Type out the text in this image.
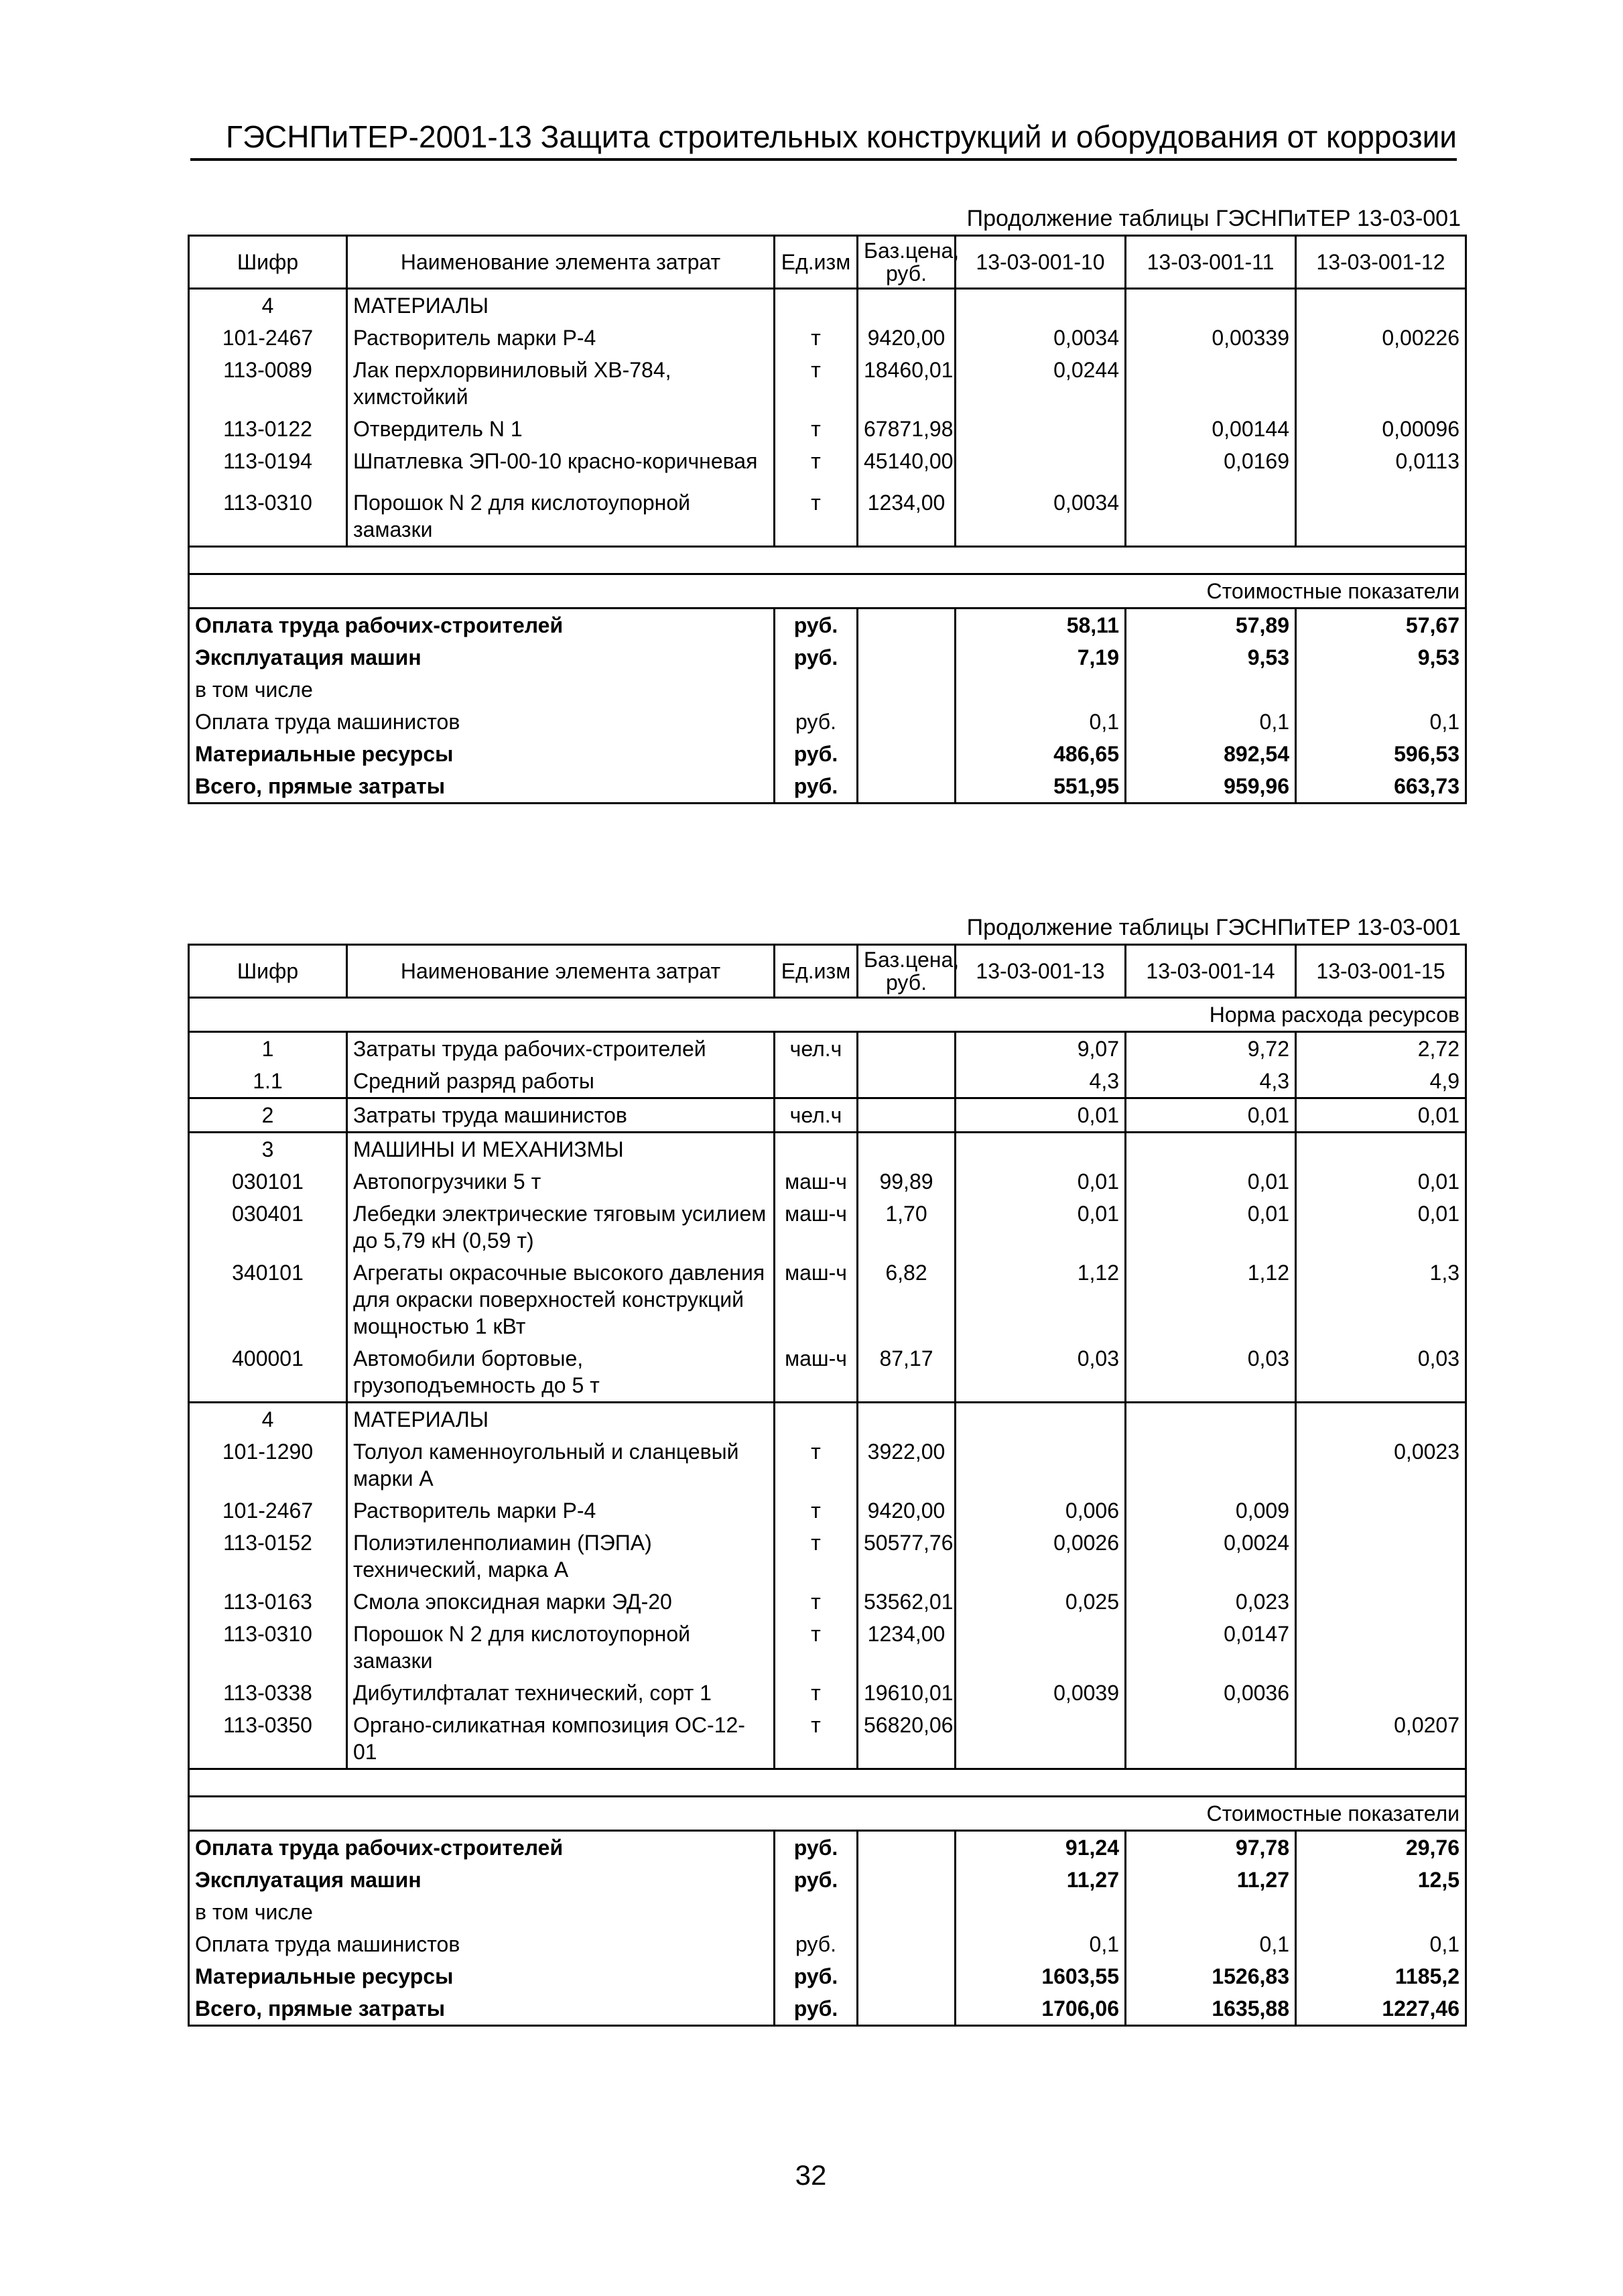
ГЭСНПиТЕР-2001-13 Защита строительных конструкций и оборудования от коррозии
Продолжение таблицы ГЭСНПиТЕР 13-03-001
Шифр	Наименование элемента затрат	Ед.изм	Баз.цена, руб.	13-03-001-10	13-03-001-11	13-03-001-12
4	МАТЕРИАЛЫ					
101-2467	Растворитель марки Р-4	т	9420,00	0,0034	0,00339	0,00226
113-0089	Лак перхлорвиниловый ХВ-784, химстойкий	т	18460,01	0,0244		
113-0122	Отвердитель N 1	т	67871,98		0,00144	0,00096
113-0194	Шпатлевка ЭП-00-10 красно-коричневая	т	45140,00		0,0169	0,0113
113-0310	Порошок N 2 для кислотоупорной замазки	т	1234,00	0,0034		

Стоимостные показатели						
Оплата труда рабочих-строителей		руб.		58,11	57,89	57,67
Эксплуатация машин		руб.		7,19	9,53	9,53
в том числе						
Оплата труда машинистов		руб.		0,1	0,1	0,1
Материальные ресурсы		руб.		486,65	892,54	596,53
Всего, прямые затраты		руб.		551,95	959,96	663,73
Продолжение таблицы ГЭСНПиТЕР 13-03-001
Шифр	Наименование элемента затрат	Ед.изм	Баз.цена, руб.	13-03-001-13	13-03-001-14	13-03-001-15
Норма расхода ресурсов						
1	Затраты труда рабочих-строителей	чел.ч		9,07	9,72	2,72
1.1	Средний разряд работы			4,3	4,3	4,9
2	Затраты труда машинистов	чел.ч		0,01	0,01	0,01
3	МАШИНЫ И МЕХАНИЗМЫ					
030101	Автопогрузчики 5 т	маш-ч	99,89	0,01	0,01	0,01
030401	Лебедки электрические тяговым усилием до 5,79 кН (0,59 т)	маш-ч	1,70	0,01	0,01	0,01
340101	Агрегаты окрасочные высокого давления для окраски поверхностей конструкций мощностью 1 кВт	маш-ч	6,82	1,12	1,12	1,3
400001	Автомобили бортовые, грузоподъемность до 5 т	маш-ч	87,17	0,03	0,03	0,03
4	МАТЕРИАЛЫ					
101-1290	Толуол каменноугольный и сланцевый марки А	т	3922,00			0,0023
101-2467	Растворитель марки Р-4	т	9420,00	0,006	0,009	
113-0152	Полиэтиленполиамин (ПЭПА) технический, марка А	т	50577,76	0,0026	0,0024	
113-0163	Смола эпоксидная марки ЭД-20	т	53562,01	0,025	0,023	
113-0310	Порошок N 2 для кислотоупорной замазки	т	1234,00		0,0147	
113-0338	Дибутилфталат технический, сорт 1	т	19610,01	0,0039	0,0036	
113-0350	Органо-силикатная композиция ОС-12-01	т	56820,06			0,0207

Стоимостные показатели						
Оплата труда рабочих-строителей		руб.		91,24	97,78	29,76
Эксплуатация машин		руб.		11,27	11,27	12,5
в том числе						
Оплата труда машинистов		руб.		0,1	0,1	0,1
Материальные ресурсы		руб.		1603,55	1526,83	1185,2
Всего, прямые затраты		руб.		1706,06	1635,88	1227,46
32
